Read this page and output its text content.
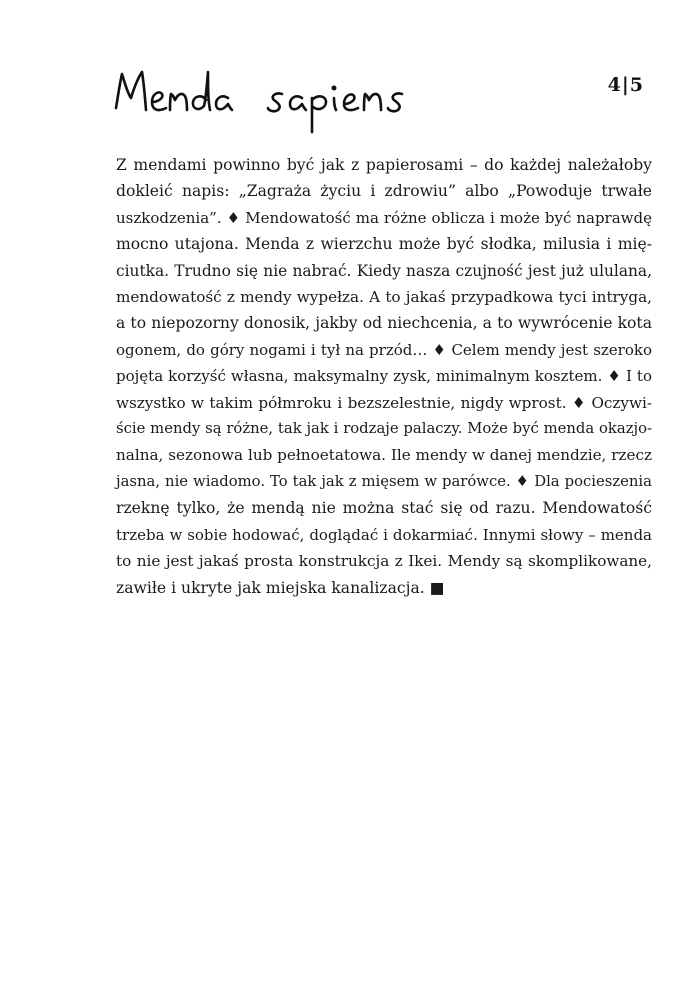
4|5
Z mendami powinno być jak z papierosami – do każdej należałoby
dokleić napis: „Zagraża życiu i zdrowiu” albo „Powoduje trwałe
uszkodzenia”. ♦ Mendowatość ma różne oblicza i może być naprawdę
mocno utajona. Menda z wierzchu może być słodka, milusia i mię-
ciutka. Trudno się nie nabrać. Kiedy nasza czujność jest już ululana,
mendowatość z mendy wypełza. A to jakaś przypadkowa tyci intryga,
a to niepozorny donosik, jakby od niechcenia, a to wywrócenie kota
ogonem, do góry nogami i tył na przód… ♦ Celem mendy jest szeroko
pojęta korzyść własna, maksymalny zysk, minimalnym kosztem. ♦ I to
wszystko w takim półmroku i bezszelestnie, nigdy wprost. ♦ Oczywi-
ście mendy są różne, tak jak i rodzaje palaczy. Może być menda okazjo-
nalna, sezonowa lub pełnoetatowa. Ile mendy w danej mendzie, rzecz
jasna, nie wiadomo. To tak jak z mięsem w parówce. ♦ Dla pocieszenia
rzeknę tylko, że mendą nie można stać się od razu. Mendowatość
trzeba w sobie hodować, doglądać i dokarmiać. Innymi słowy – menda
to nie jest jakaś prosta konstrukcja z Ikei. Mendy są skomplikowane,
zawiłe i ukryte jak miejska kanalizacja. ■
